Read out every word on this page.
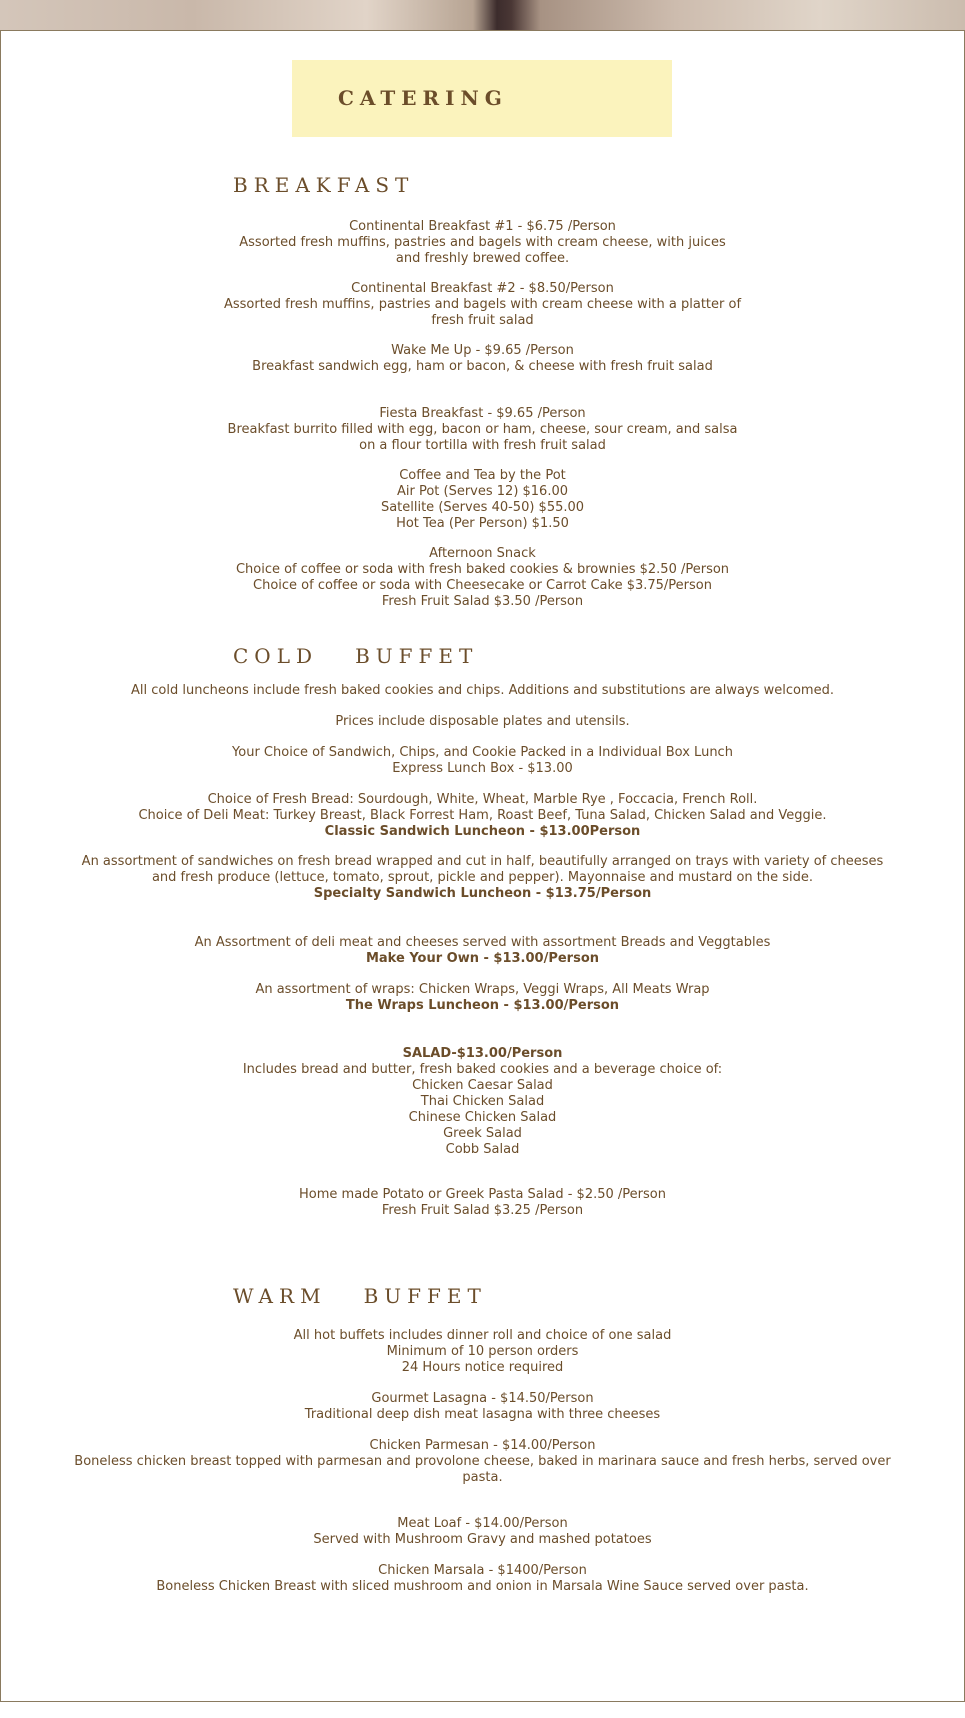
CATERING
BREAKFAST
Continental Breakfast #1 - $6.75 /Person
Assorted fresh muffins, pastries and bagels with cream cheese, with juices
and freshly brewed coffee.
Continental Breakfast #2 - $8.50/Person
Assorted fresh muffins, pastries and bagels with cream cheese with a platter of
fresh fruit salad
Wake Me Up - $9.65 /Person
Breakfast sandwich egg, ham or bacon, & cheese with fresh fruit salad
Fiesta Breakfast - $9.65 /Person
Breakfast burrito filled with egg, bacon or ham, cheese, sour cream, and salsa
on a flour tortilla with fresh fruit salad
Coffee and Tea by the Pot
Air Pot (Serves 12) $16.00
Satellite (Serves 40-50) $55.00
Hot Tea (Per Person) $1.50
Afternoon Snack
Choice of coffee or soda with fresh baked cookies & brownies $2.50 /Person
Choice of coffee or soda with Cheesecake or Carrot Cake $3.75/Person
Fresh Fruit Salad $3.50 /Person
COLD   BUFFET
All cold luncheons include fresh baked cookies and chips. Additions and substitutions are always welcomed.
Prices include disposable plates and utensils.
Your Choice of Sandwich, Chips, and Cookie Packed in a Individual Box Lunch
Express Lunch Box - $13.00
Choice of Fresh Bread: Sourdough, White, Wheat, Marble Rye , Foccacia, French Roll.
Choice of Deli Meat: Turkey Breast, Black Forrest Ham, Roast Beef, Tuna Salad, Chicken Salad and Veggie.
Classic Sandwich Luncheon - $13.00Person
An assortment of sandwiches on fresh bread wrapped and cut in half, beautifully arranged on trays with variety of cheeses
and fresh produce (lettuce, tomato, sprout, pickle and pepper). Mayonnaise and mustard on the side.
Specialty Sandwich Luncheon - $13.75/Person
An Assortment of deli meat and cheeses served with assortment Breads and Veggtables
Make Your Own - $13.00/Person
An assortment of wraps: Chicken Wraps, Veggi Wraps, All Meats Wrap
The Wraps Luncheon - $13.00/Person
SALAD-$13.00/Person
Includes bread and butter, fresh baked cookies and a beverage choice of:
Chicken Caesar Salad
Thai Chicken Salad
Chinese Chicken Salad
Greek Salad
Cobb Salad
Home made Potato or Greek Pasta Salad - $2.50 /Person
Fresh Fruit Salad $3.25 /Person
WARM   BUFFET
All hot buffets includes dinner roll and choice of one salad
Minimum of 10 person orders
24 Hours notice required
Gourmet Lasagna - $14.50/Person
Traditional deep dish meat lasagna with three cheeses
Chicken Parmesan - $14.00/Person
Boneless chicken breast topped with parmesan and provolone cheese, baked in marinara sauce and fresh herbs, served over
pasta.
Meat Loaf - $14.00/Person
Served with Mushroom Gravy and mashed potatoes
Chicken Marsala - $1400/Person
Boneless Chicken Breast with sliced mushroom and onion in Marsala Wine Sauce served over pasta.
